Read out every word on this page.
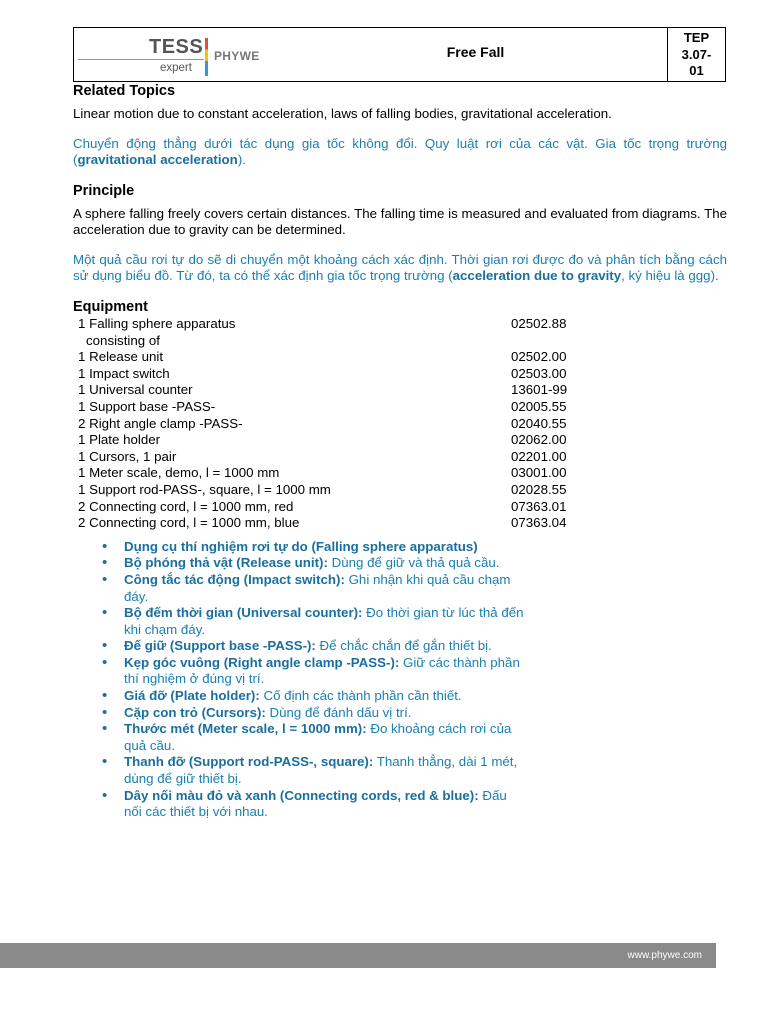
TESS
expert
PHYWE	Free Fall
TEP
3.07-
01
Related Topics

Linear motion due to constant acceleration, laws of falling bodies, gravitational acceleration.

Chuyển động thẳng dưới tác dụng gia tốc không đổi. Quy luật rơi của các vật. Gia tốc trọng trường (gravitational acceleration).

Principle

A sphere falling freely covers certain distances. The falling time is measured and evaluated from diagrams. The acceleration due to gravity can be determined.

Một quả cầu rơi tự do sẽ di chuyển một khoảng cách xác định. Thời gian rơi được đo và phân tích bằng cách sử dụng biểu đồ. Từ đó, ta có thể xác định gia tốc trọng trường (acceleration due to gravity, ký hiệu là ggg).

Equipment
1 Falling sphere apparatus	02502.88
consisting of
1 Release unit	02502.00
1 Impact switch	02503.00
1 Universal counter	13601-99
1 Support base -PASS-	02005.55
2 Right angle clamp -PASS-	02040.55
1 Plate holder	02062.00
1 Cursors, 1 pair	02201.00
1 Meter scale, demo, l = 1000 mm	03001.00
1 Support rod-PASS-, square, l = 1000 mm	02028.55
2 Connecting cord, l = 1000 mm, red	07363.01
2 Connecting cord, l = 1000 mm, blue	07363.04
• Dụng cụ thí nghiệm rơi tự do (Falling sphere apparatus)
• Bộ phóng thả vật (Release unit): Dùng để giữ và thả quả cầu.
• Công tắc tác động (Impact switch): Ghi nhận khi quả cầu chạm đáy.
• Bộ đếm thời gian (Universal counter): Đo thời gian từ lúc thả đến khi chạm đáy.
• Đế giữ (Support base -PASS-): Để chắc chắn để gắn thiết bị.
• Kẹp góc vuông (Right angle clamp -PASS-): Giữ các thành phần thí nghiệm ở đúng vị trí.
• Giá đỡ (Plate holder): Cố định các thành phần cần thiết.
• Cặp con trỏ (Cursors): Dùng để đánh dấu vị trí.
• Thước mét (Meter scale, l = 1000 mm): Đo khoảng cách rơi của quả cầu.
• Thanh đỡ (Support rod-PASS-, square): Thanh thẳng, dài 1 mét, dùng để giữ thiết bị.
• Dây nối màu đỏ và xanh (Connecting cords, red & blue): Đấu nối các thiết bị với nhau.
www.phywe.com
